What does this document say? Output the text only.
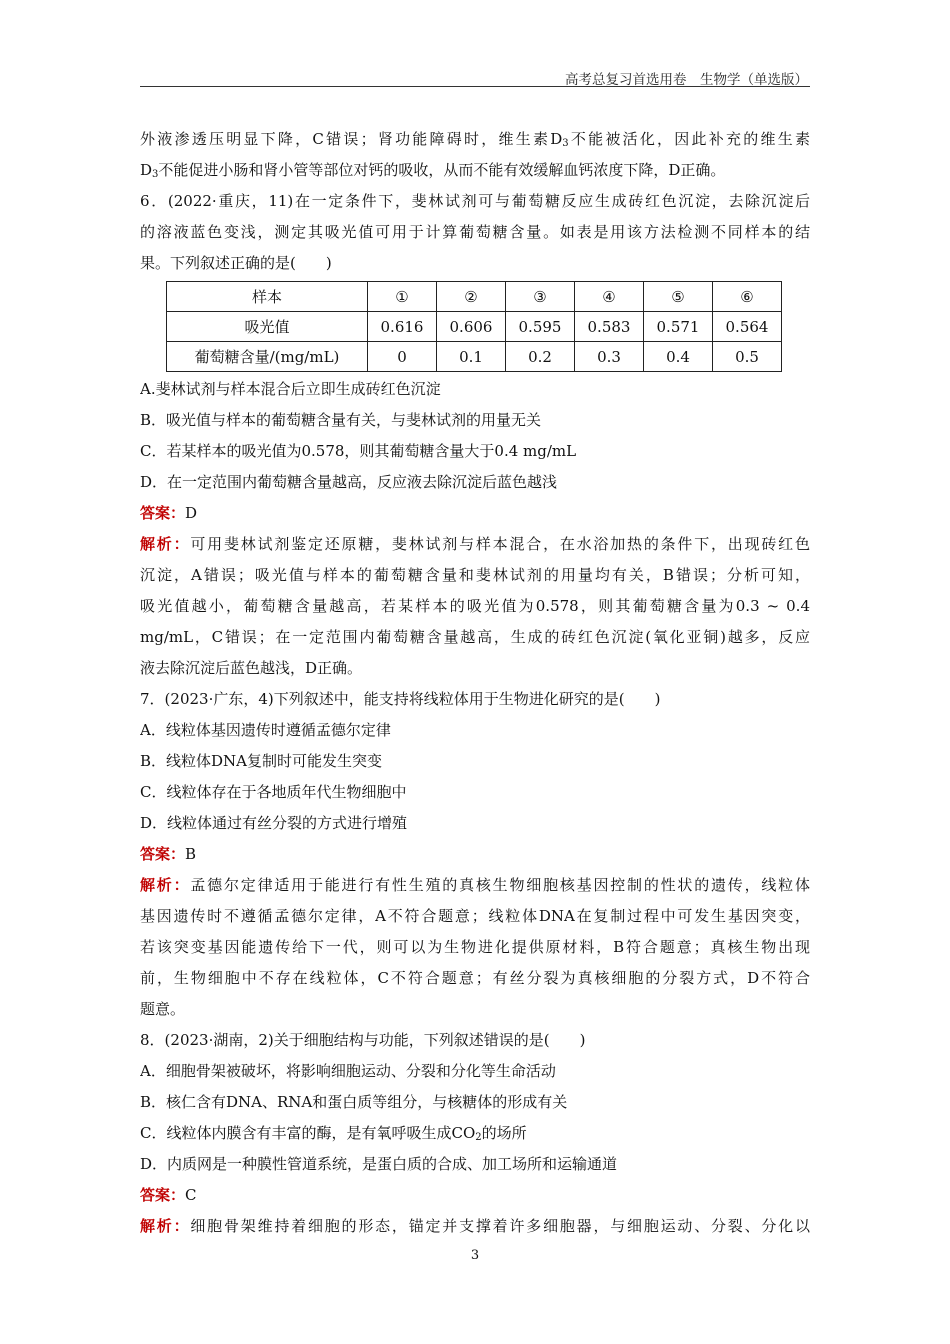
高考总复习首选用卷　生物学（单选版）
外液渗透压明显下降，C错误；肾功能障碍时，维生素$D_3$不能被活化，因此补充的维生素
$D_3$不能促进小肠和肾小管等部位对钙的吸收，从而不能有效缓解血钙浓度下降，D正确。
6．(2022·重庆，11)在一定条件下，斐林试剂可与葡萄糖反应生成砖红色沉淀，去除沉淀后
的溶液蓝色变浅，测定其吸光值可用于计算葡萄糖含量。如表是用该方法检测不同样本的结
果。下列叙述正确的是(　　)
样本	①	②	③	④	⑤	⑥
吸光值	0.616	0.606	0.595	0.583	0.571	0.564
葡萄糖含量/(mg/mL)	0	0.1	0.2	0.3	0.4	0.5
A.斐林试剂与样本混合后立即生成砖红色沉淀
B．吸光值与样本的葡萄糖含量有关，与斐林试剂的用量无关
C．若某样本的吸光值为0.578，则其葡萄糖含量大于0.4 mg/mL
D．在一定范围内葡萄糖含量越高，反应液去除沉淀后蓝色越浅
答案：D
解析：可用斐林试剂鉴定还原糖，斐林试剂与样本混合，在水浴加热的条件下，出现砖红色
沉淀，A错误；吸光值与样本的葡萄糖含量和斐林试剂的用量均有关，B错误；分析可知，
吸光值越小，葡萄糖含量越高，若某样本的吸光值为0.578，则其葡萄糖含量为0.3 ~ 0.4
mg/mL，C错误；在一定范围内葡萄糖含量越高，生成的砖红色沉淀(氧化亚铜)越多，反应
液去除沉淀后蓝色越浅，D正确。
7．(2023·广东，4)下列叙述中，能支持将线粒体用于生物进化研究的是(　　)
A．线粒体基因遗传时遵循孟德尔定律
B．线粒体DNA复制时可能发生突变
C．线粒体存在于各地质年代生物细胞中
D．线粒体通过有丝分裂的方式进行增殖
答案：B
解析：孟德尔定律适用于能进行有性生殖的真核生物细胞核基因控制的性状的遗传，线粒体
基因遗传时不遵循孟德尔定律，A不符合题意；线粒体DNA在复制过程中可发生基因突变，
若该突变基因能遗传给下一代，则可以为生物进化提供原材料，B符合题意；真核生物出现
前，生物细胞中不存在线粒体，C不符合题意；有丝分裂为真核细胞的分裂方式，D不符合
题意。
8．(2023·湖南，2)关于细胞结构与功能，下列叙述错误的是(　　)
A．细胞骨架被破坏，将影响细胞运动、分裂和分化等生命活动
B．核仁含有DNA、RNA和蛋白质等组分，与核糖体的形成有关
C．线粒体内膜含有丰富的酶，是有氧呼吸生成$CO_2$的场所
D．内质网是一种膜性管道系统，是蛋白质的合成、加工场所和运输通道
答案：C
解析：细胞骨架维持着细胞的形态，锚定并支撑着许多细胞器，与细胞运动、分裂、分化以
3
